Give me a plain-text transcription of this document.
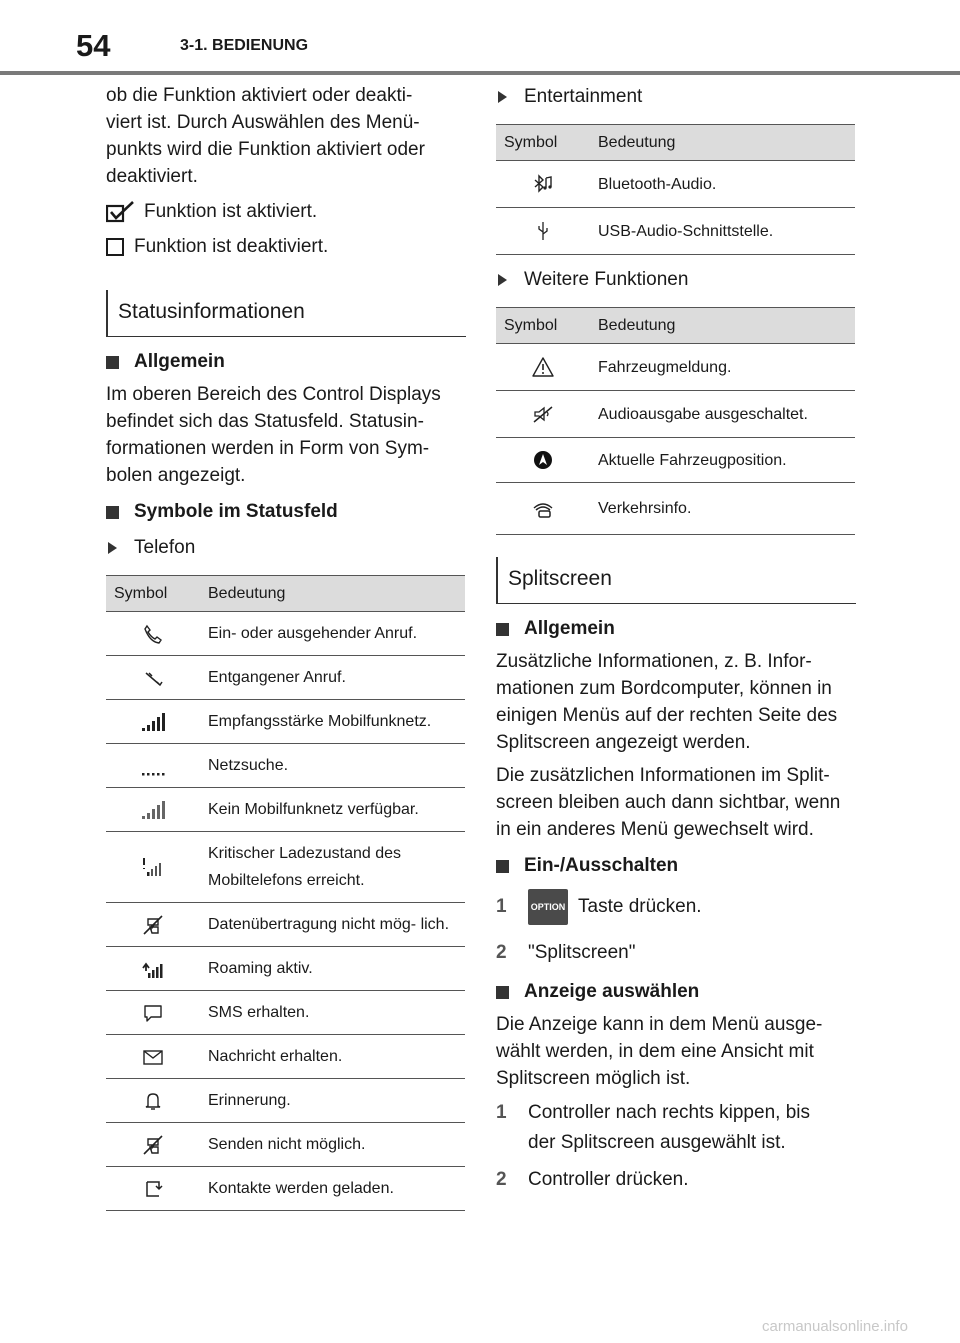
54	3-1. BEDIENUNG

ob die Funktion aktiviert oder deakti- viert ist. Durch Auswählen des Menü- punkts wird die Funktion aktiviert oder deaktiviert.

Funktion ist aktiviert.
Funktion ist deaktiviert.
Statusinformationen
Allgemein

Im oberen Bereich des Control Displays befindet sich das Statusfeld. Statusin- formationen werden in Form von Sym- bolen angezeigt.

Symbole im Statusfeld
Telefon
Symbol	Bedeutung
	Ein- oder ausgehender Anruf.
	Entgangener Anruf.
	Empfangsstärke Mobilfunknetz.
	Netzsuche.
	Kein Mobilfunknetz verfügbar.
	Kritischer Ladezustand des Mobiltelefons erreicht.
	Datenübertragung nicht mög- lich.
	Roaming aktiv.
	SMS erhalten.
	Nachricht erhalten.
	Erinnerung.
	Senden nicht möglich.
	Kontakte werden geladen.
Entertainment
Symbol	Bedeutung
	Bluetooth-Audio.
	USB-Audio-Schnittstelle.
Weitere Funktionen
Symbol	Bedeutung
	Fahrzeugmeldung.
	Audioausgabe ausgeschaltet.
	Aktuelle Fahrzeugposition.
	Verkehrsinfo.
Splitscreen
Allgemein

Zusätzliche Informationen, z. B. Infor- mationen zum Bordcomputer, können in einigen Menüs auf der rechten Seite des Splitscreen angezeigt werden.

Die zusätzlichen Informationen im Split- screen bleiben auch dann sichtbar, wenn in ein anderes Menü gewechselt wird.

Ein-/Ausschalten
1	OPTION Taste drücken.
2	"Splitscreen"
Anzeige auswählen

Die Anzeige kann in dem Menü ausge- wählt werden, in dem eine Ansicht mit Splitscreen möglich ist.

1	Controller nach rechts kippen, bis der Splitscreen ausgewählt ist.
2	Controller drücken.
carmanualsonline.info
